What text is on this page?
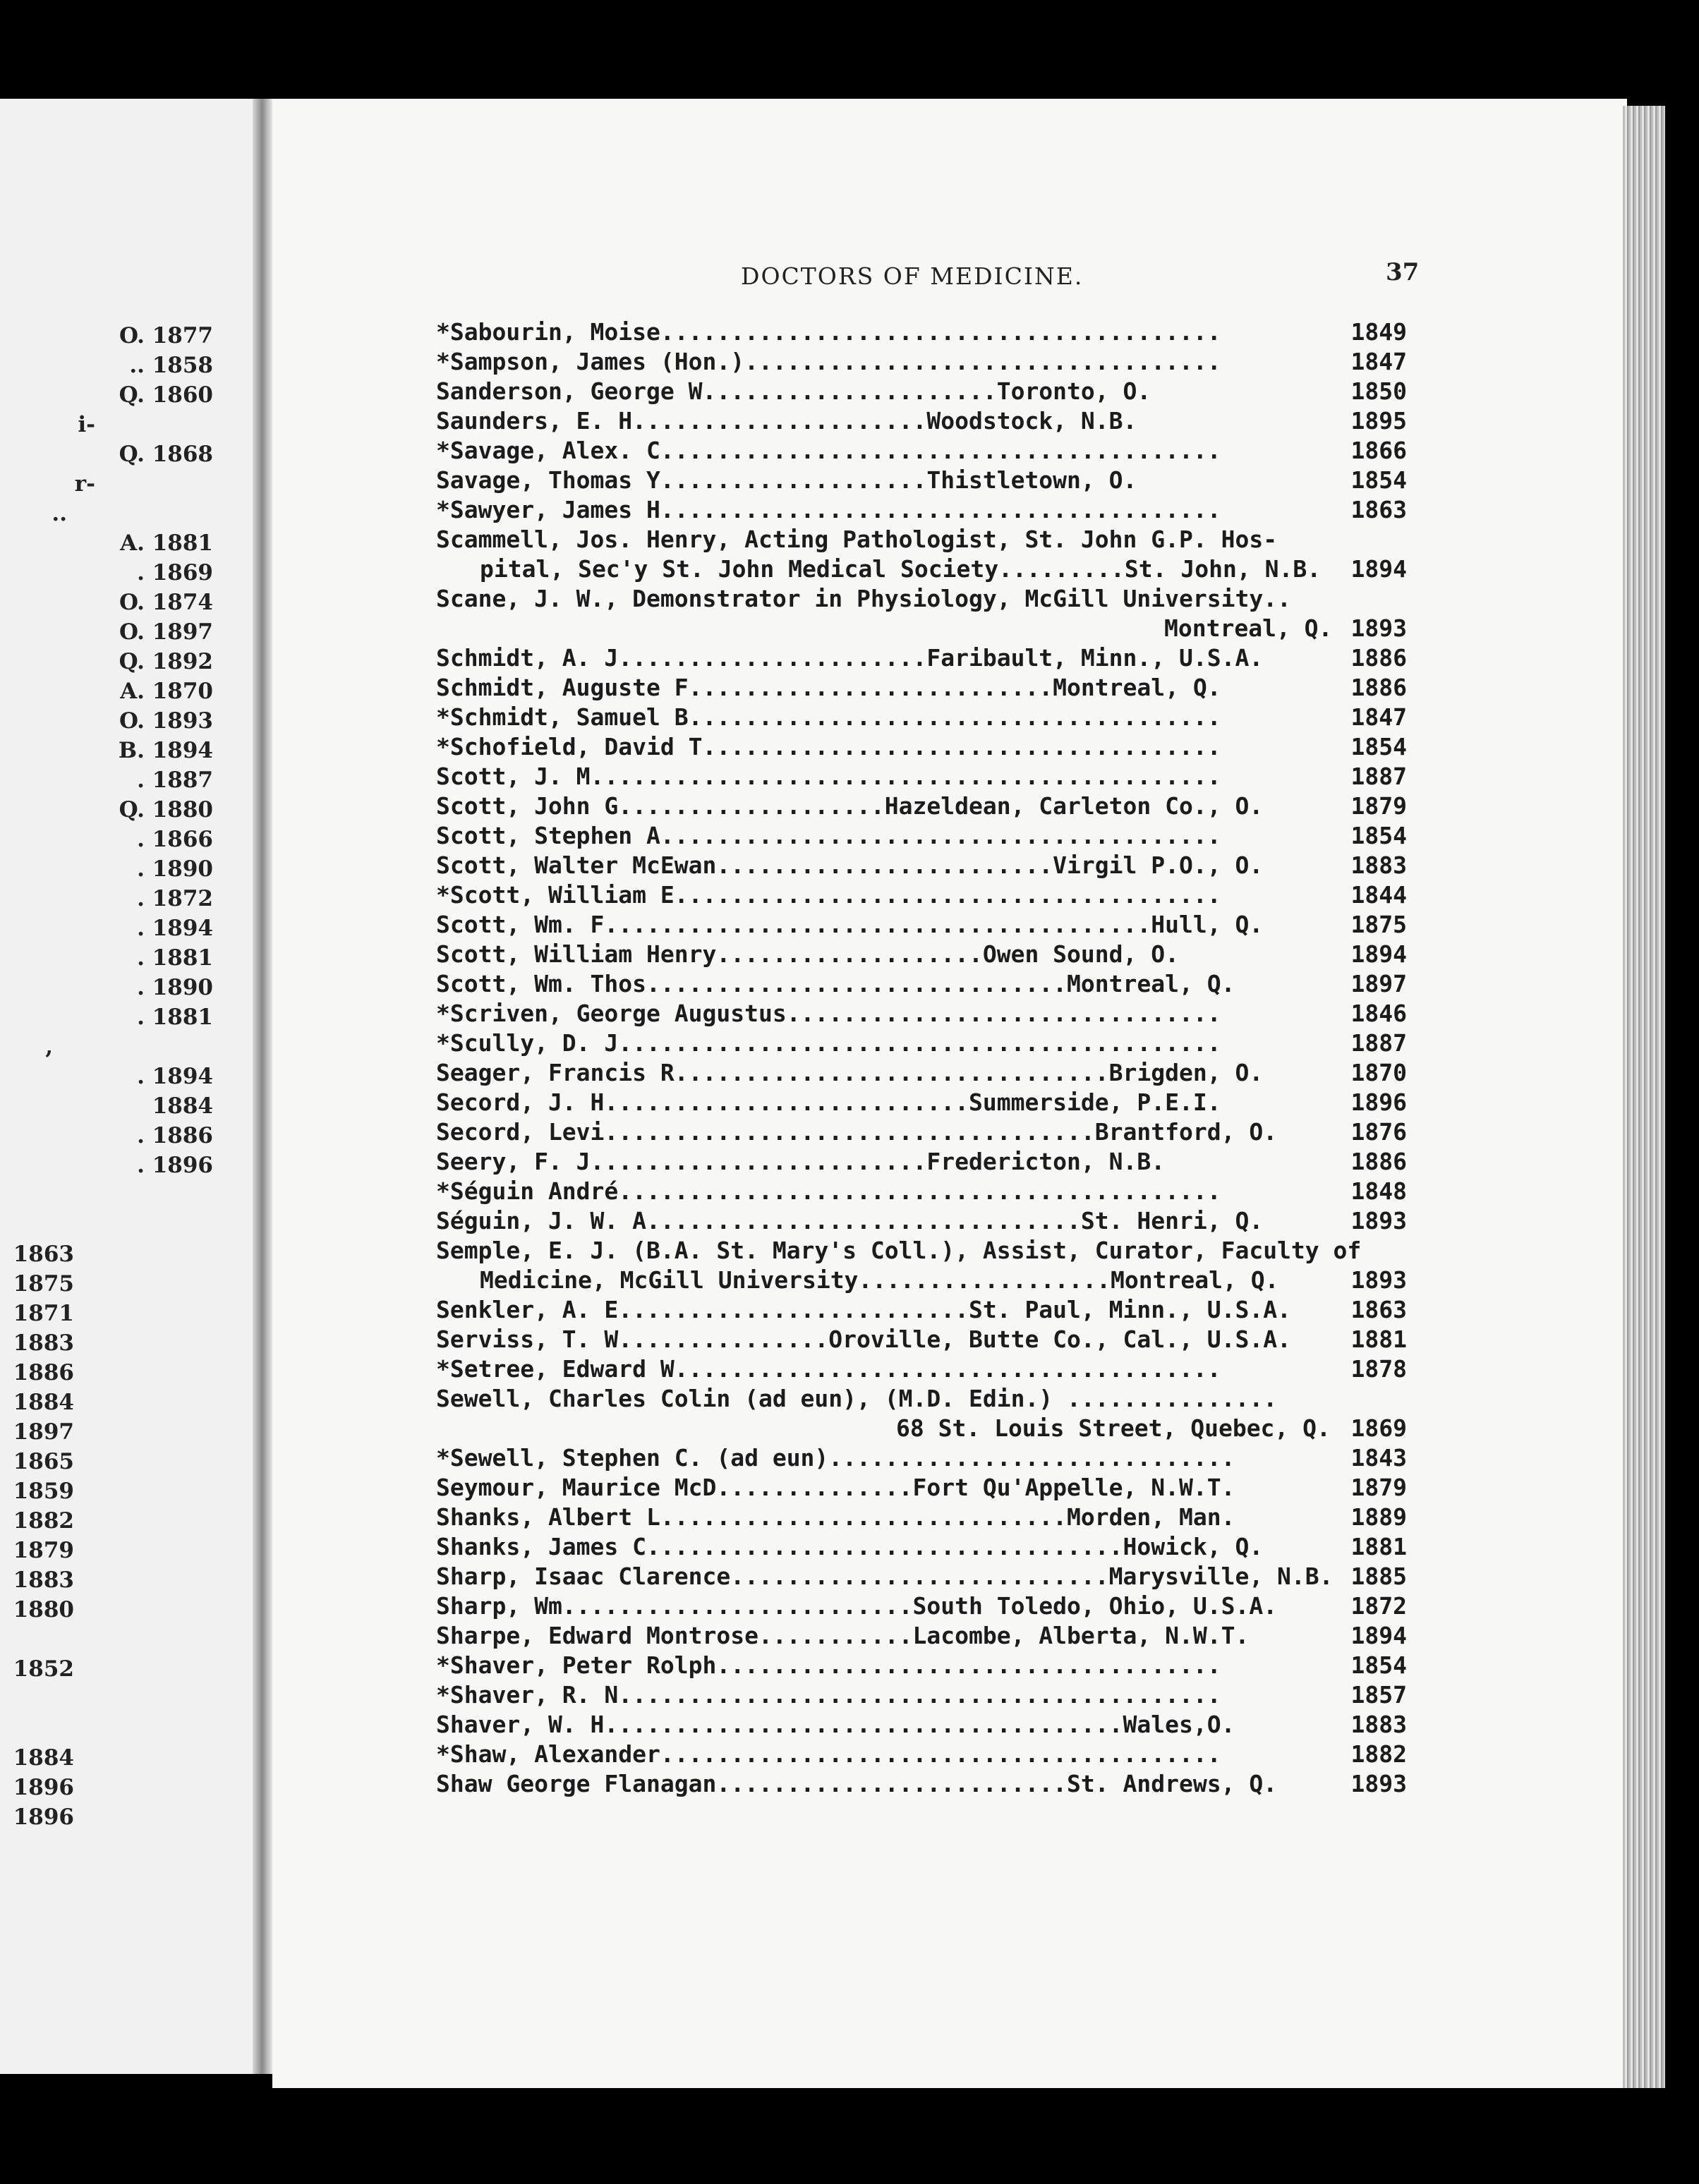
O. 1877
.. 1858
Q. 1860
i-
Q. 1868
r-
..
A. 1881
. 1869
O. 1874
O. 1897
Q. 1892
A. 1870
O. 1893
B. 1894
. 1887
Q. 1880
. 1866
. 1890
. 1872
. 1894
. 1881
. 1890
. 1881
,
. 1894
1884
. 1886
. 1896
1863
1875
1871
1883
1886
1884
1897
1865
1859
1882
1879
1883
1880
1852
1884
1896
1896
DOCTORS OF MEDICINE.	37
*Sabourin, Moise........................................	1849
*Sampson, James (Hon.)..................................	1847
Sanderson, George W.....................Toronto, O.	1850
Saunders, E. H.....................Woodstock, N.B.	1895
*Savage, Alex. C........................................	1866
Savage, Thomas Y...................Thistletown, O.	1854
*Sawyer, James H........................................	1863
Scammell, Jos. Henry, Acting Pathologist, St. John G.P. Hos-
pital, Sec'y St. John Medical Society.........St. John, N.B. 1894
Scane, J. W., Demonstrator in Physiology, McGill University..
Montreal, Q. 1893
Schmidt, A. J......................Faribault, Minn., U.S.A.	1886
Schmidt, Auguste F..........................Montreal, Q.	1886
*Schmidt, Samuel B......................................	1847
*Schofield, David T.....................................	1854
Scott, J. M.............................................	1887
Scott, John G...................Hazeldean, Carleton Co., O.	1879
Scott, Stephen A........................................	1854
Scott, Walter McEwan........................Virgil P.O., O.	1883
*Scott, William E.......................................	1844
Scott, Wm. F.......................................Hull, Q.	1875
Scott, William Henry...................Owen Sound, O.	1894
Scott, Wm. Thos..............................Montreal, Q.	1897
*Scriven, George Augustus...............................	1846
*Scully, D. J...........................................	1887
Seager, Francis R...............................Brigden, O.	1870
Secord, J. H..........................Summerside, P.E.I.	1896
Secord, Levi...................................Brantford, O.	1876
Seery, F. J........................Fredericton, N.B.	1886
*Séguin André...........................................	1848
Séguin, J. W. A...............................St. Henri, Q.	1893
Semple, E. J. (B.A. St. Mary's Coll.), Assist, Curator, Faculty of
Medicine, McGill University..................Montreal, Q.	1893
Senkler, A. E.........................St. Paul, Minn., U.S.A.	1863
Serviss, T. W...............Oroville, Butte Co., Cal., U.S.A.	1881
*Setree, Edward W.......................................	1878
Sewell, Charles Colin (ad eun), (M.D. Edin.) ...............
68 St. Louis Street, Quebec, Q. 1869
*Sewell, Stephen C. (ad eun).............................	1843
Seymour, Maurice McD..............Fort Qu'Appelle, N.W.T.	1879
Shanks, Albert L.............................Morden, Man.	1889
Shanks, James C..................................Howick, Q.	1881
Sharp, Isaac Clarence...........................Marysville, N.B. 1885
Sharp, Wm.........................South Toledo, Ohio, U.S.A.	1872
Sharpe, Edward Montrose...........Lacombe, Alberta, N.W.T.	1894
*Shaver, Peter Rolph....................................	1854
*Shaver, R. N...........................................	1857
Shaver, W. H.....................................Wales,O.	1883
*Shaw, Alexander........................................	1882
Shaw George Flanagan.........................St. Andrews, Q.	1893
